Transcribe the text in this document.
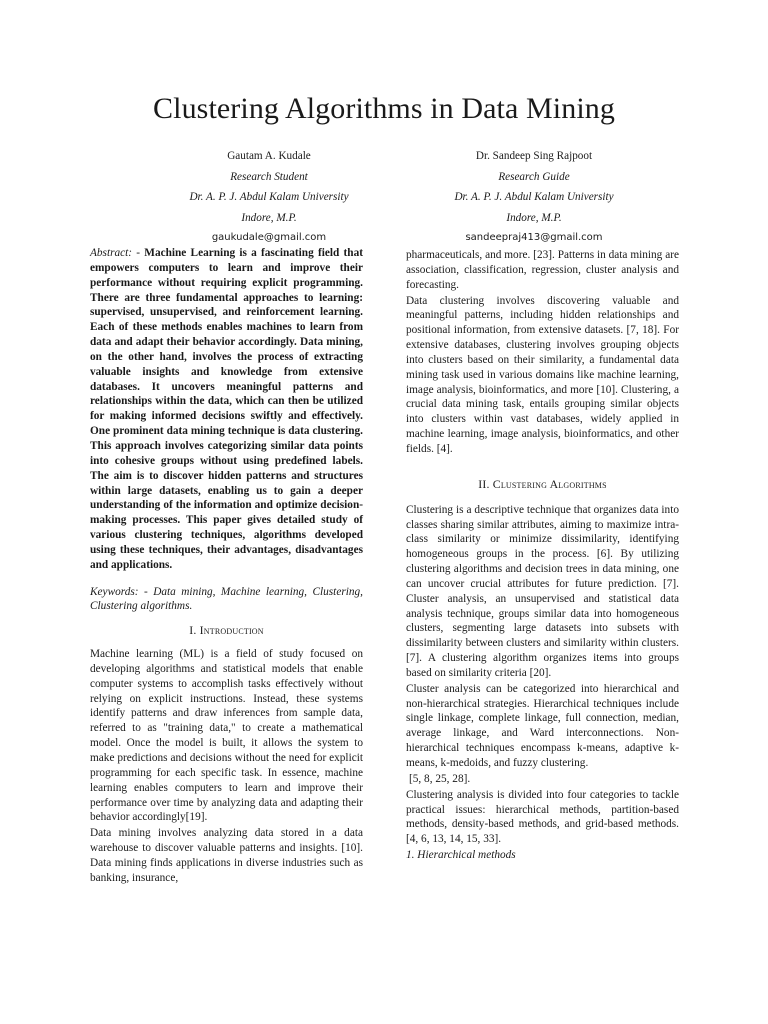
Clustering Algorithms in Data Mining
Gautam A. Kudale
Research Student
Dr. A. P. J. Abdul Kalam University
Indore, M.P.
gaukudale@gmail.com
Dr. Sandeep Sing Rajpoot
Research Guide
Dr. A. P. J. Abdul Kalam University
Indore, M.P.
sandeepraj413@gmail.com

Abstract: - Machine Learning is a fascinating field that empowers computers to learn and improve their performance without requiring explicit programming. There are three fundamental approaches to learning: supervised, unsupervised, and reinforcement learning. Each of these methods enables machines to learn from data and adapt their behavior accordingly. Data mining, on the other hand, involves the process of extracting valuable insights and knowledge from extensive databases. It uncovers meaningful patterns and relationships within the data, which can then be utilized for making informed decisions swiftly and effectively. One prominent data mining technique is data clustering. This approach involves categorizing similar data points into cohesive groups without using predefined labels. The aim is to discover hidden patterns and structures within large datasets, enabling us to gain a deeper understanding of the information and optimize decision-making processes. This paper gives detailed study of various clustering techniques, algorithms developed using these techniques, their advantages, disadvantages and applications.

Keywords: - Data mining, Machine learning, Clustering, Clustering algorithms.

I. Introduction

Machine learning (ML) is a field of study focused on developing algorithms and statistical models that enable computer systems to accomplish tasks effectively without relying on explicit instructions. Instead, these systems identify patterns and draw inferences from sample data, referred to as "training data," to create a mathematical model. Once the model is built, it allows the system to make predictions and decisions without the need for explicit programming for each specific task. In essence, machine learning enables computers to learn and improve their performance over time by analyzing data and adapting their behavior accordingly[19].

Data mining involves analyzing data stored in a data warehouse to discover valuable patterns and insights. [10]. Data mining finds applications in diverse industries such as banking, insurance,

pharmaceuticals, and more. [23]. Patterns in data mining are association, classification, regression, cluster analysis and forecasting.

Data clustering involves discovering valuable and meaningful patterns, including hidden relationships and positional information, from extensive datasets. [7, 18]. For extensive databases, clustering involves grouping objects into clusters based on their similarity, a fundamental data mining task used in various domains like machine learning, image analysis, bioinformatics, and more [10]. Clustering, a crucial data mining task, entails grouping similar objects into clusters within vast databases, widely applied in machine learning, image analysis, bioinformatics, and other fields. [4].

II. Clustering Algorithms

Clustering is a descriptive technique that organizes data into classes sharing similar attributes, aiming to maximize intra-class similarity or minimize dissimilarity, identifying homogeneous groups in the process. [6]. By utilizing clustering algorithms and decision trees in data mining, one can uncover crucial attributes for future prediction. [7]. Cluster analysis, an unsupervised and statistical data analysis technique, groups similar data into homogeneous clusters, segmenting large datasets into subsets with dissimilarity between clusters and similarity within clusters. [7]. A clustering algorithm organizes items into groups based on similarity criteria [20].

Cluster analysis can be categorized into hierarchical and non-hierarchical strategies. Hierarchical techniques include single linkage, complete linkage, full connection, median, average linkage, and Ward interconnections. Non-hierarchical techniques encompass k-means, adaptive k-means, k-medoids, and fuzzy clustering.

[5, 8, 25, 28].

Clustering analysis is divided into four categories to tackle practical issues: hierarchical methods, partition-based methods, density-based methods, and grid-based methods. [4, 6, 13, 14, 15, 33].

1. Hierarchical methods
